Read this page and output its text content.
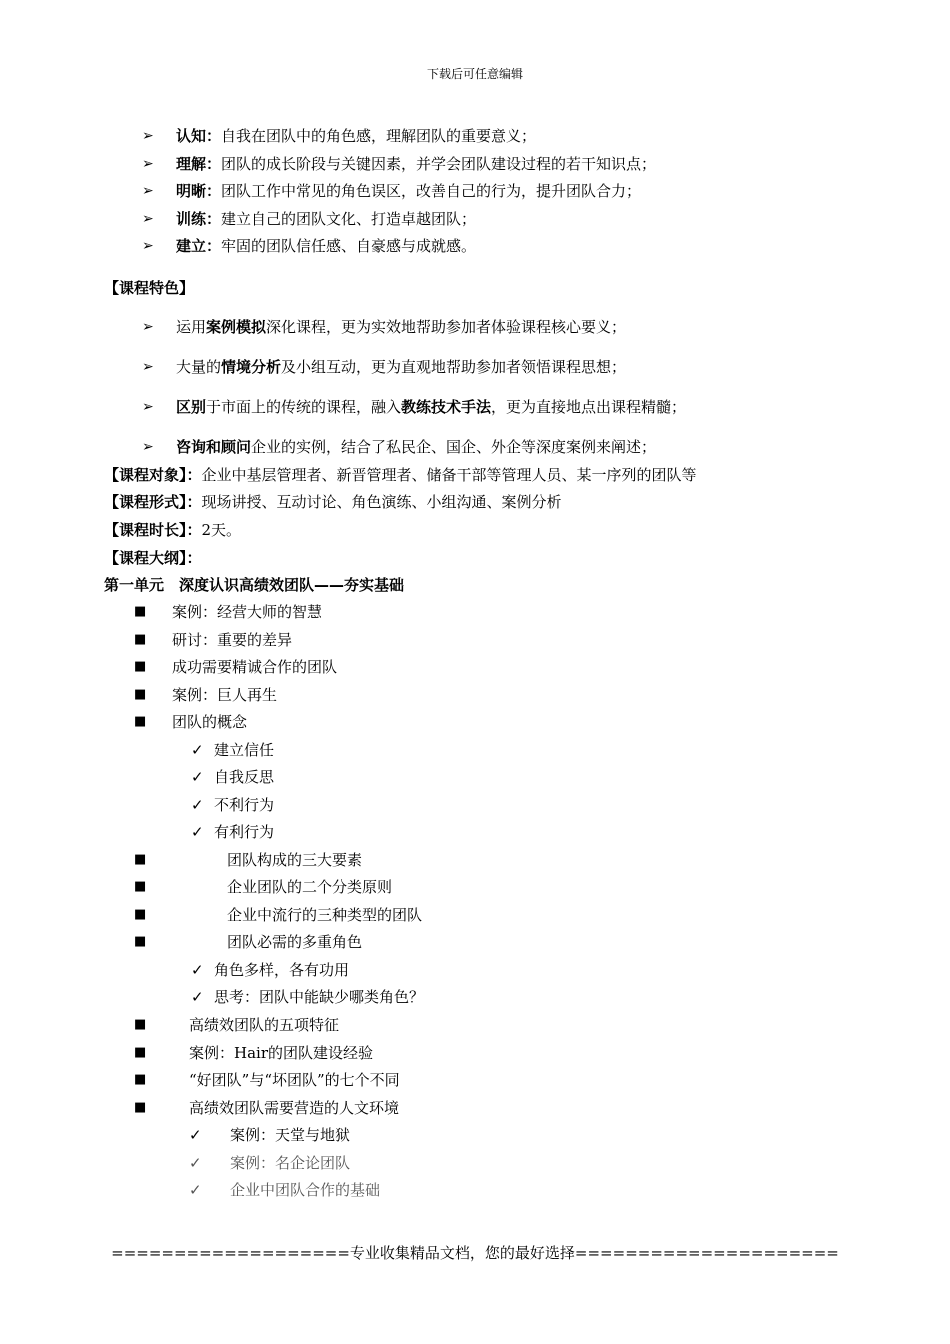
下载后可任意编辑
➢ 认知：自我在团队中的角色感，理解团队的重要意义；
➢ 理解：团队的成长阶段与关键因素，并学会团队建设过程的若干知识点；
➢ 明晰：团队工作中常见的角色误区，改善自己的行为，提升团队合力；
➢ 训练：建立自己的团队文化、打造卓越团队；
➢ 建立：牢固的团队信任感、自豪感与成就感。
【课程特色】
➢ 运用案例模拟深化课程，更为实效地帮助参加者体验课程核心要义；
➢ 大量的情境分析及小组互动，更为直观地帮助参加者领悟课程思想；
➢ 区别于市面上的传统的课程，融入教练技术手法，更为直接地点出课程精髓；
➢ 咨询和顾问企业的实例，结合了私民企、国企、外企等深度案例来阐述；
【课程对象】：企业中基层管理者、新晋管理者、储备干部等管理人员、某一序列的团队等
【课程形式】：现场讲授、互动讨论、角色演练、小组沟通、案例分析
【课程时长】：2天。
【课程大纲】：
第一单元　深度认识高绩效团队——夯实基础
■ 案例：经营大师的智慧
■ 研讨：重要的差异
■ 成功需要精诚合作的团队
■ 案例：巨人再生
■ 团队的概念
✓ 建立信任
✓ 自我反思
✓ 不利行为
✓ 有利行为
■	团队构成的三大要素
■	企业团队的二个分类原则
■	企业中流行的三种类型的团队
■	团队必需的多重角色
✓ 角色多样，各有功用
✓ 思考：团队中能缺少哪类角色？
■	高绩效团队的五项特征
■	案例：Hair的团队建设经验
■	“好团队”与“坏团队”的七个不同
■	高绩效团队需要营造的人文环境
✓ 案例：天堂与地狱
✓ 案例：名企论团队
✓ 企业中团队合作的基础
===================专业收集精品文档，您的最好选择=====================
